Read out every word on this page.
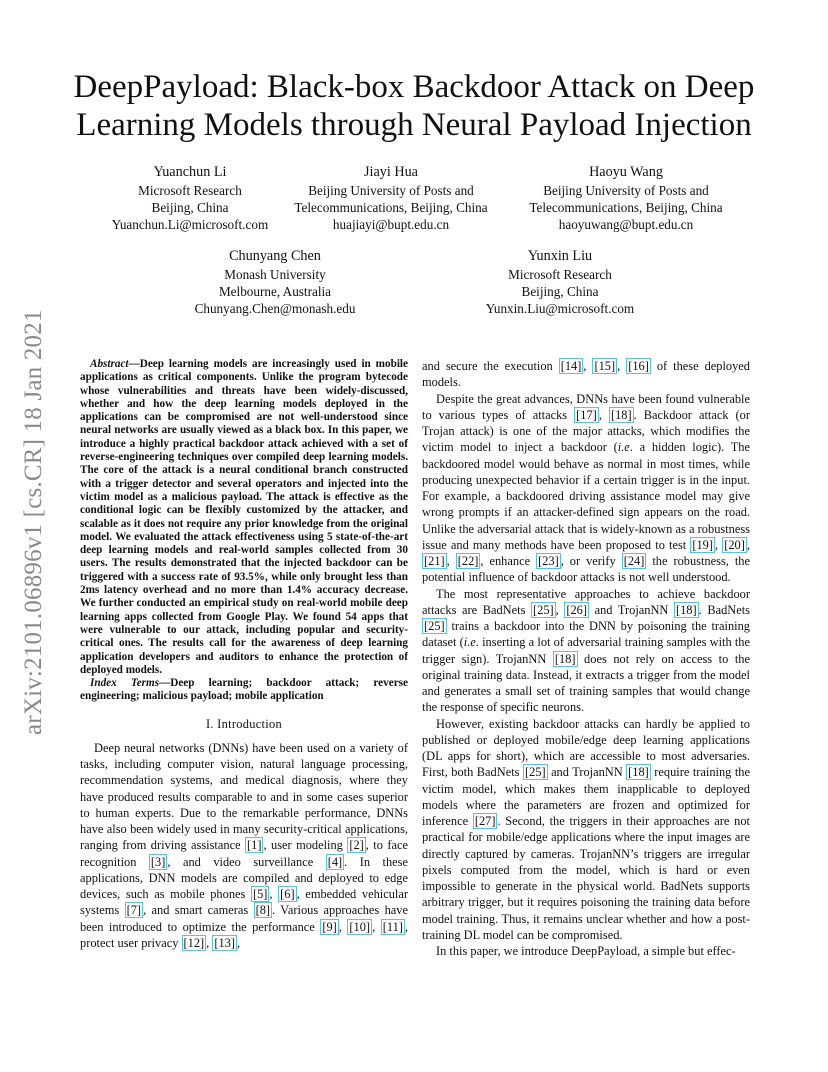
arXiv:2101.06896v1 [cs.CR] 18 Jan 2021
DeepPayload: Black-box Backdoor Attack on Deep
Learning Models through Neural Payload Injection
Yuanchun Li
Microsoft Research
Beijing, China
Yuanchun.Li@microsoft.com
Jiayi Hua
Beijing University of Posts and
Telecommunications, Beijing, China
huajiayi@bupt.edu.cn
Haoyu Wang
Beijing University of Posts and
Telecommunications, Beijing, China
haoyuwang@bupt.edu.cn
Chunyang Chen
Monash University
Melbourne, Australia
Chunyang.Chen@monash.edu
Yunxin Liu
Microsoft Research
Beijing, China
Yunxin.Liu@microsoft.com

Abstract—Deep learning models are increasingly used in mobile applications as critical components. Unlike the program bytecode whose vulnerabilities and threats have been widely-discussed, whether and how the deep learning models deployed in the applications can be compromised are not well-understood since neural networks are usually viewed as a black box. In this paper, we introduce a highly practical backdoor attack achieved with a set of reverse-engineering techniques over compiled deep learning models. The core of the attack is a neural conditional branch constructed with a trigger detector and several operators and injected into the victim model as a malicious payload. The attack is effective as the conditional logic can be flexibly customized by the attacker, and scalable as it does not require any prior knowledge from the original model. We evaluated the attack effectiveness using 5 state-of-the-art deep learning models and real-world samples collected from 30 users. The results demonstrated that the injected backdoor can be triggered with a success rate of 93.5%, while only brought less than 2ms latency overhead and no more than 1.4% accuracy decrease. We further conducted an empirical study on real-world mobile deep learning apps collected from Google Play. We found 54 apps that were vulnerable to our attack, including popular and security-critical ones. The results call for the awareness of deep learning application developers and auditors to enhance the protection of deployed models.

Index Terms—Deep learning; backdoor attack; reverse engineering; malicious payload; mobile application

I. Introduction

Deep neural networks (DNNs) have been used on a variety of tasks, including computer vision, natural language processing, recommendation systems, and medical diagnosis, where they have produced results comparable to and in some cases superior to human experts. Due to the remarkable performance, DNNs have also been widely used in many security-critical applications, ranging from driving assistance [1] , user modeling [2] , to face recognition [3] , and video surveillance [4] . In these applications, DNN models are compiled and deployed to edge devices, such as mobile phones [5] , [6] , embedded vehicular systems [7] , and smart cameras [8] . Various approaches have been introduced to optimize the performance [9] , [10] , [11] , protect user privacy [12] , [13] ,

and secure the execution [14] , [15] , [16] of these deployed models.

Despite the great advances, DNNs have been found vulnerable to various types of attacks [17] , [18] . Backdoor attack (or Trojan attack) is one of the major attacks, which modifies the victim model to inject a backdoor (i.e. a hidden logic). The backdoored model would behave as normal in most times, while producing unexpected behavior if a certain trigger is in the input. For example, a backdoored driving assistance model may give wrong prompts if an attacker-defined sign appears on the road. Unlike the adversarial attack that is widely-known as a robustness issue and many methods have been proposed to test [19] , [20] , [21] , [22] , enhance [23] , or verify [24] the robustness, the potential influence of backdoor attacks is not well understood.

The most representative approaches to achieve backdoor attacks are BadNets [25] , [26] and TrojanNN [18] . BadNets [25] trains a backdoor into the DNN by poisoning the training dataset (i.e. inserting a lot of adversarial training samples with the trigger sign). TrojanNN [18] does not rely on access to the original training data. Instead, it extracts a trigger from the model and generates a small set of training samples that would change the response of specific neurons.

However, existing backdoor attacks can hardly be applied to published or deployed mobile/edge deep learning applications (DL apps for short), which are accessible to most adversaries. First, both BadNets [25] and TrojanNN [18] require training the victim model, which makes them inapplicable to deployed models where the parameters are frozen and optimized for inference [27] . Second, the triggers in their approaches are not practical for mobile/edge applications where the input images are directly captured by cameras. TrojanNN’s triggers are irregular pixels computed from the model, which is hard or even impossible to generate in the physical world. BadNets supports arbitrary trigger, but it requires poisoning the training data before model training. Thus, it remains unclear whether and how a post-training DL model can be compromised.

In this paper, we introduce DeepPayload, a simple but effec-
